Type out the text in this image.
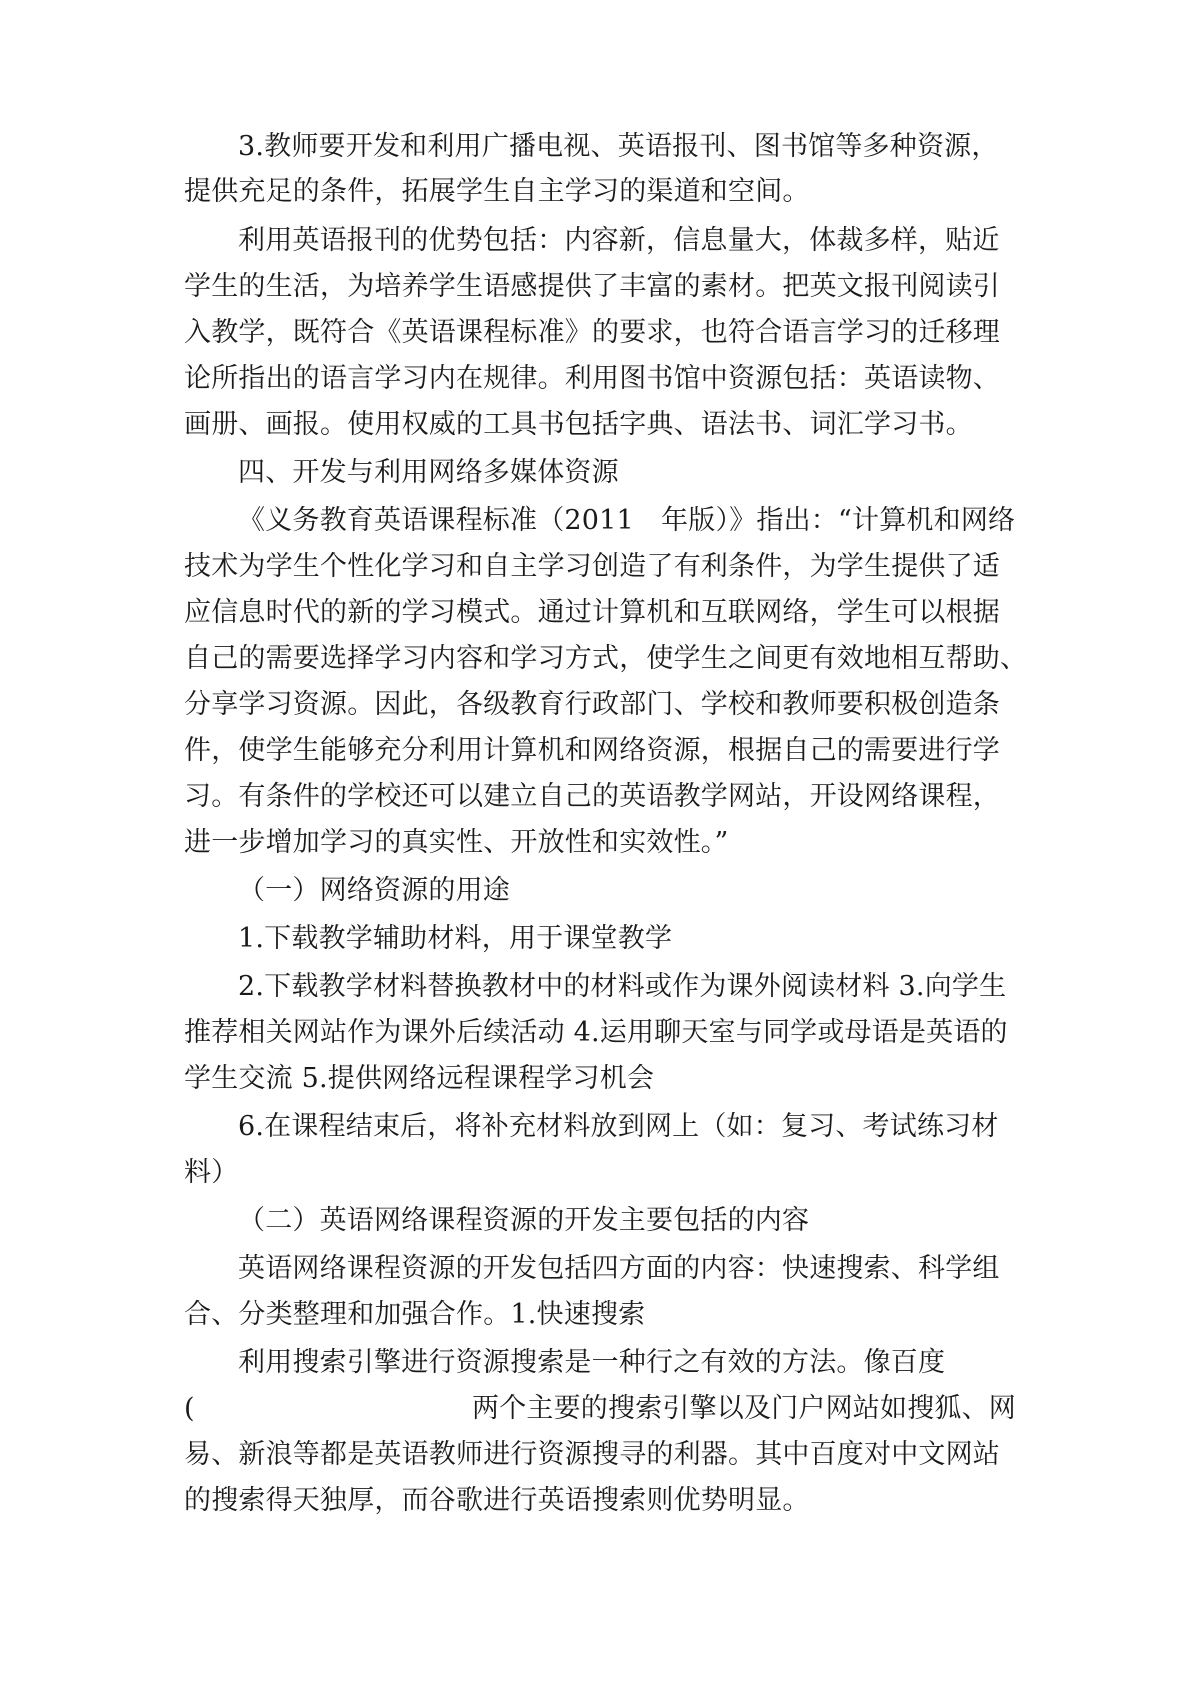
3.教师要开发和利用广播电视、英语报刊、图书馆等多种资源，
提供充足的条件，拓展学生自主学习的渠道和空间。
利用英语报刊的优势包括：内容新，信息量大，体裁多样，贴近
学生的生活，为培养学生语感提供了丰富的素材。把英文报刊阅读引
入教学，既符合《英语课程标准》的要求，也符合语言学习的迁移理
论所指出的语言学习内在规律。利用图书馆中资源包括：英语读物、
画册、画报。使用权威的工具书包括字典、语法书、词汇学习书。
四、开发与利用网络多媒体资源
《义务教育英语课程标准（2011　年版）》指出：“计算机和网络
技术为学生个性化学习和自主学习创造了有利条件，为学生提供了适
应信息时代的新的学习模式。通过计算机和互联网络，学生可以根据
自己的需要选择学习内容和学习方式，使学生之间更有效地相互帮助、
分享学习资源。因此，各级教育行政部门、学校和教师要积极创造条
件，使学生能够充分利用计算机和网络资源，根据自己的需要进行学
习。有条件的学校还可以建立自己的英语教学网站，开设网络课程，
进一步增加学习的真实性、开放性和实效性。”
（一）网络资源的用途
1.下载教学辅助材料，用于课堂教学
2.下载教学材料替换教材中的材料或作为课外阅读材料 3.向学生
推荐相关网站作为课外后续活动 4.运用聊天室与同学或母语是英语的
学生交流 5.提供网络远程课程学习机会
6.在课程结束后，将补充材料放到网上（如：复习、考试练习材
料）
（二）英语网络课程资源的开发主要包括的内容
英语网络课程资源的开发包括四方面的内容：快速搜索、科学组
合、分类整理和加强合作。1.快速搜索
利用搜索引擎进行资源搜索是一种行之有效的方法。像百度
(	两个主要的搜索引擎以及门户网站如搜狐、网
易、新浪等都是英语教师进行资源搜寻的利器。其中百度对中文网站
的搜索得天独厚，而谷歌进行英语搜索则优势明显。
